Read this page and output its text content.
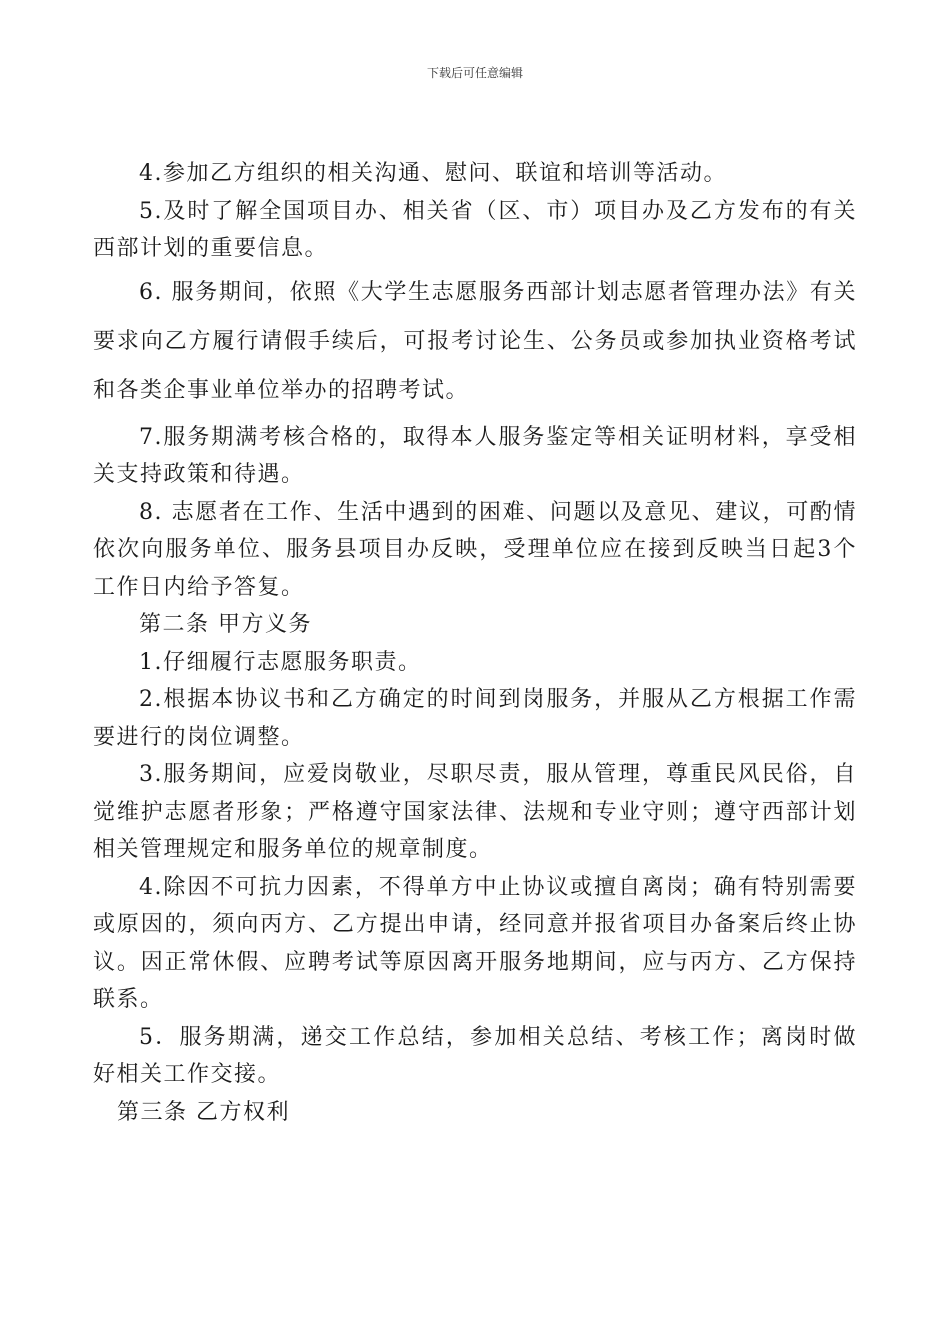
下载后可任意编辑

4.参加乙方组织的相关沟通、慰问、联谊和培训等活动。

5.及时了解全国项目办、相关省（区、市）项目办及乙方发布的有关西部计划的重要信息。

6. 服务期间，依照《大学生志愿服务西部计划志愿者管理办法》有关要求向乙方履行请假手续后，可报考讨论生、公务员或参加执业资格考试和各类企事业单位举办的招聘考试。

7.服务期满考核合格的，取得本人服务鉴定等相关证明材料，享受相关支持政策和待遇。

8. 志愿者在工作、生活中遇到的困难、问题以及意见、建议，可酌情依次向服务单位、服务县项目办反映，受理单位应在接到反映当日起3个工作日内给予答复。

第二条 甲方义务

1.仔细履行志愿服务职责。

2.根据本协议书和乙方确定的时间到岗服务，并服从乙方根据工作需要进行的岗位调整。

3.服务期间，应爱岗敬业，尽职尽责，服从管理，尊重民风民俗，自觉维护志愿者形象；严格遵守国家法律、法规和专业守则；遵守西部计划相关管理规定和服务单位的规章制度。

4.除因不可抗力因素，不得单方中止协议或擅自离岗；确有特别需要或原因的，须向丙方、乙方提出申请，经同意并报省项目办备案后终止协议。因正常休假、应聘考试等原因离开服务地期间，应与丙方、乙方保持联系。

5．服务期满，递交工作总结，参加相关总结、考核工作；离岗时做好相关工作交接。

第三条 乙方权利
